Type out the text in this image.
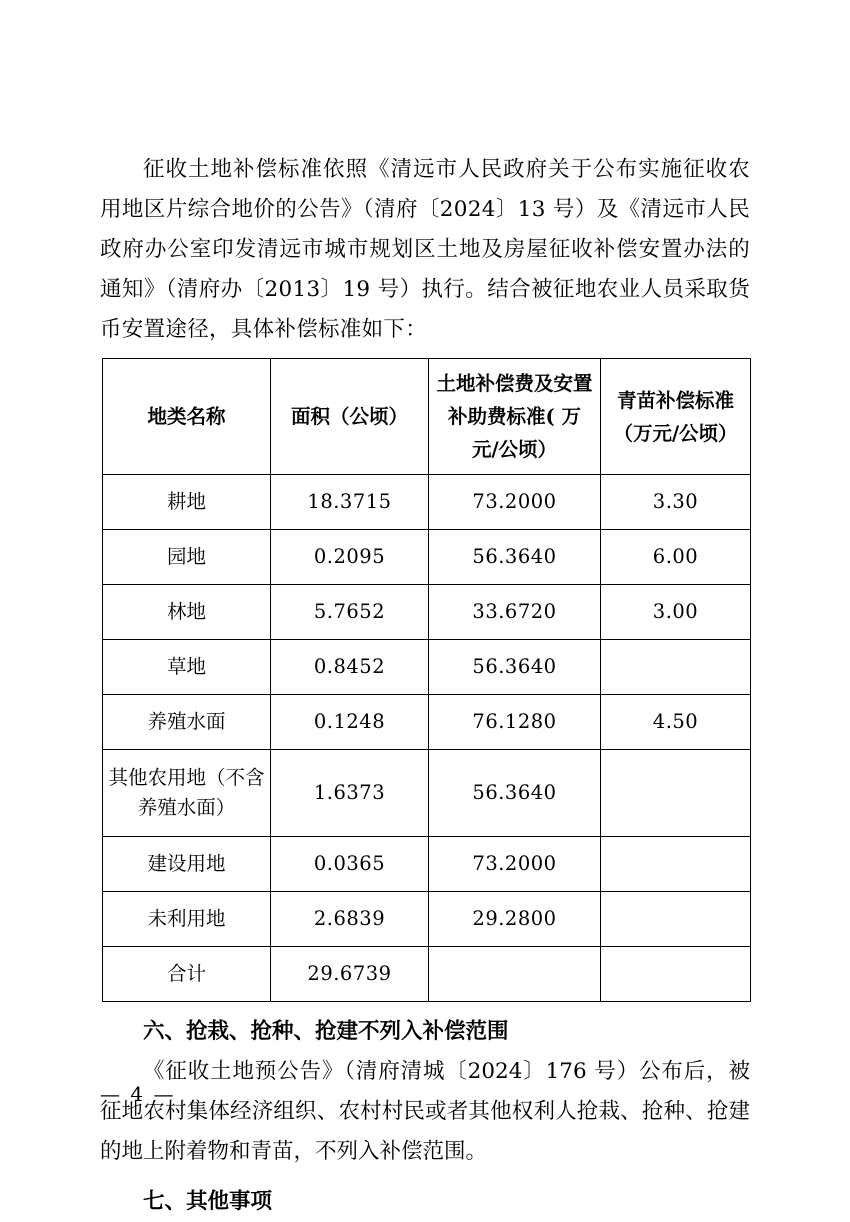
征收土地补偿标准依照《清远市人民政府关于公布实施征收农用地区片综合地价的公告》（清府〔2024〕13 号）及《清远市人民政府办公室印发清远市城市规划区土地及房屋征收补偿安置办法的通知》（清府办〔2013〕19 号）执行。结合被征地农业人员采取货币安置途径，具体补偿标准如下：

地类名称	面积（公顷）	土地补偿费及安置补助费标准( 万元/公顷）	青苗补偿标准（万元/公顷）
耕地	18.3715	73.2000	3.30
园地	0.2095	56.3640	6.00
林地	5.7652	33.6720	3.00
草地	0.8452	56.3640	
养殖水面	0.1248	76.1280	4.50
其他农用地（不含养殖水面）	1.6373	56.3640	
建设用地	0.0365	73.2000	
未利用地	2.6839	29.2800	
合计	29.6739		

六、抢栽、抢种、抢建不列入补偿范围

《征收土地预公告》（清府清城〔2024〕176 号）公布后，被征地农村集体经济组织、农村村民或者其他权利人抢栽、抢种、抢建的地上附着物和青苗，不列入补偿范围。

七、其他事项

— 4 —
